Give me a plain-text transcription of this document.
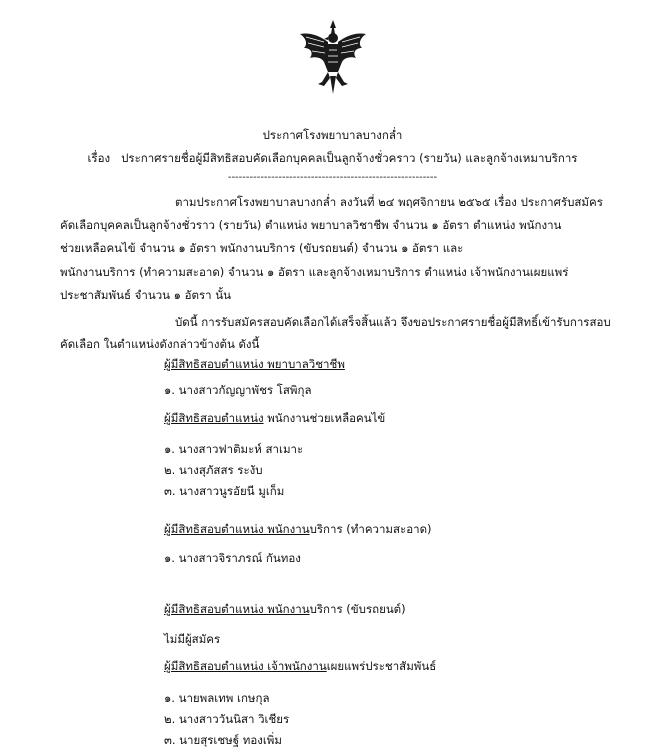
ประกาศโรงพยาบาลบางกล่ำ
เรื่อง ประกาศรายชื่อผู้มีสิทธิสอบคัดเลือกบุคคลเป็นลูกจ้างชั่วคราว (รายวัน) และลูกจ้างเหมาบริการ
----------------------------------------------------------
ตามประกาศโรงพยาบาลบางกล่ำ ลงวันที่ ๒๔ พฤศจิกายน ๒๕๖๕ เรื่อง ประกาศรับสมัคร
คัดเลือกบุคคลเป็นลูกจ้างชั่วราว (รายวัน) ตำแหน่ง พยาบาลวิชาชีพ จำนวน ๑ อัตรา ตำแหน่ง พนักงาน
ช่วยเหลือคนไข้ จำนวน ๑ อัตรา พนักงานบริการ (ขับรถยนต์) จำนวน ๑ อัตรา และ
พนักงานบริการ (ทำความสะอาด) จำนวน ๑ อัตรา และลูกจ้างเหมาบริการ ตำแหน่ง เจ้าพนักงานเผยแพร่
ประชาสัมพันธ์ จำนวน ๑ อัตรา นั้น
บัดนี้ การรับสมัครสอบคัดเลือกได้เสร็จสิ้นแล้ว จึงขอประกาศรายชื่อผู้มีสิทธิ์เข้ารับการสอบ
คัดเลือก ในตำแหน่งดังกล่าวข้างต้น ดังนี้
ผู้มีสิทธิสอบตำแหน่ง พยาบาลวิชาชีพ
๑. นางสาวกัญญาพัชร โสพิกุล
ผู้มีสิทธิสอบตำแหน่ง พนักงานช่วยเหลือคนไข้
๑. นางสาวฟาติมะห์ สาเมาะ
๒. นางสุภัสสร ระงับ
๓. นางสาวนูรอัยนี มูเก็ม
ผู้มีสิทธิสอบตำแหน่ง พนักงานบริการ (ทำความสะอาด)
๑. นางสาวจิราภรณ์ กันทอง
ผู้มีสิทธิสอบตำแหน่ง พนักงานบริการ (ขับรถยนต์)
ไม่มีผู้สมัคร
ผู้มีสิทธิสอบตำแหน่ง เจ้าพนักงานเผยแพร่ประชาสัมพันธ์
๑. นายพลเทพ เกษกุล
๒. นางสาววันนิสา วิเชียร
๓. นายสุรเชษฐ์ ทองเพิ่ม
